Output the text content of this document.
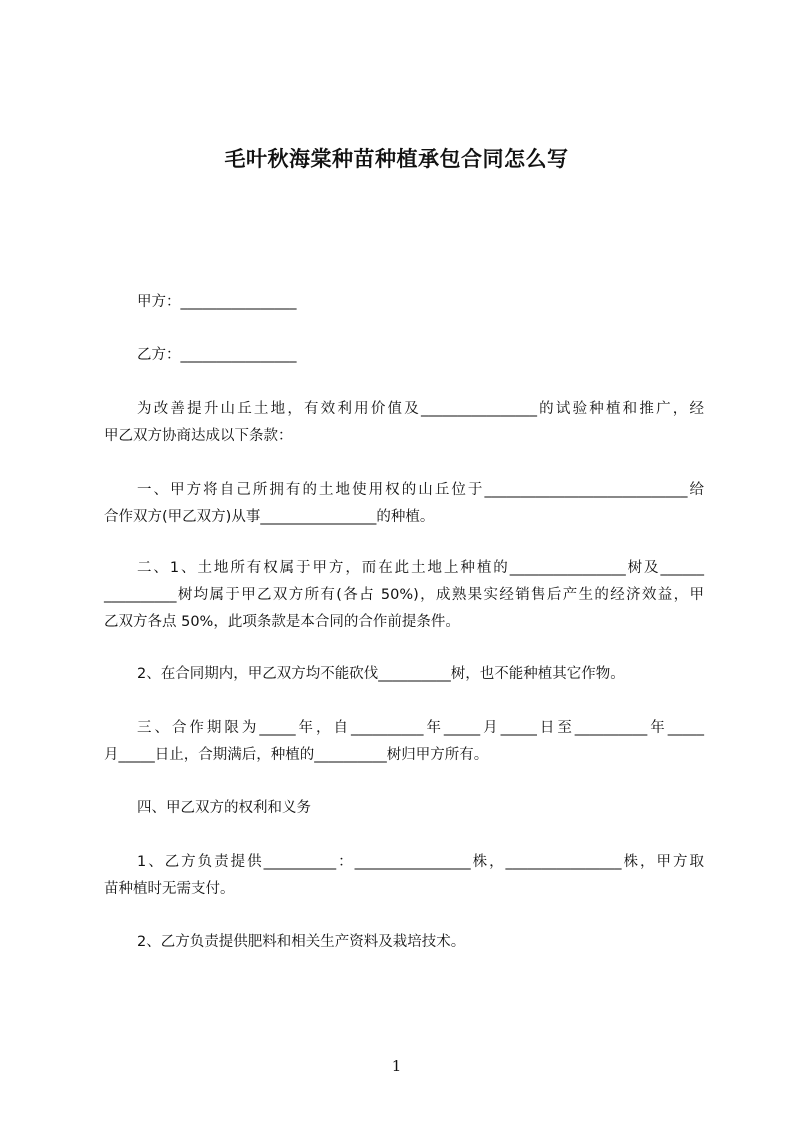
毛叶秋海棠种苗种植承包合同怎么写
甲方：________________
乙方：________________
为改善提升山丘土地，有效利用价值及________________的试验种植和推广，经
甲乙双方协商达成以下条款：
一、甲方将自己所拥有的土地使用权的山丘位于____________________________给
合作双方(甲乙双方)从事________________的种植。
二、1、土地所有权属于甲方，而在此土地上种植的________________树及______
__________树均属于甲乙双方所有(各占 50%)，成熟果实经销售后产生的经济效益，甲
乙双方各点 50%，此项条款是本合同的合作前提条件。
2、在合同期内，甲乙双方均不能砍伐__________树，也不能种植其它作物。
三、合作期限为_____年，自__________年_____月_____日至__________年_____
月_____日止，合期满后，种植的__________树归甲方所有。
四、甲乙双方的权利和义务
1、乙方负责提供__________：________________株，________________株，甲方取
苗种植时无需支付。
2、乙方负责提供肥料和相关生产资料及栽培技术。
1
